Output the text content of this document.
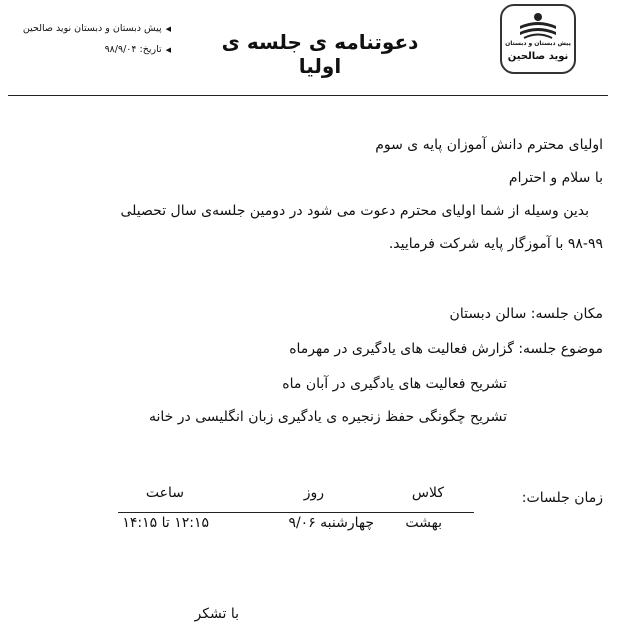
پیش دبستان و دبستان
نوید صالحین
دعوتنامه ی جلسه ی اولیا
◀پیش دبستان و دبستان نوید صالحین
◀تاریخ: ۹۸/۹/۰۴
اولیای محترم دانش آموزان پایه ی سوم
با سلام و احترام
بدین وسیله از شما اولیای محترم دعوت می شود در دومین جلسه‌ی سال تحصیلی
۹۸-۹۹ با آموزگار پایه شرکت فرمایید.
مکان جلسه: سالن دبستان
موضوع جلسه: گزارش فعالیت های یادگیری در مهرماه
تشریح فعالیت های یادگیری در آبان ماه
تشریح چگونگی حفظ زنجیره ی یادگیری زبان انگلیسی در خانه
زمان جلسات:
کلاس
روز
ساعت
بهشت
چهارشنبه ۹/۰۶
۱۲:۱۵ تا ۱۴:۱۵
با تشکر
